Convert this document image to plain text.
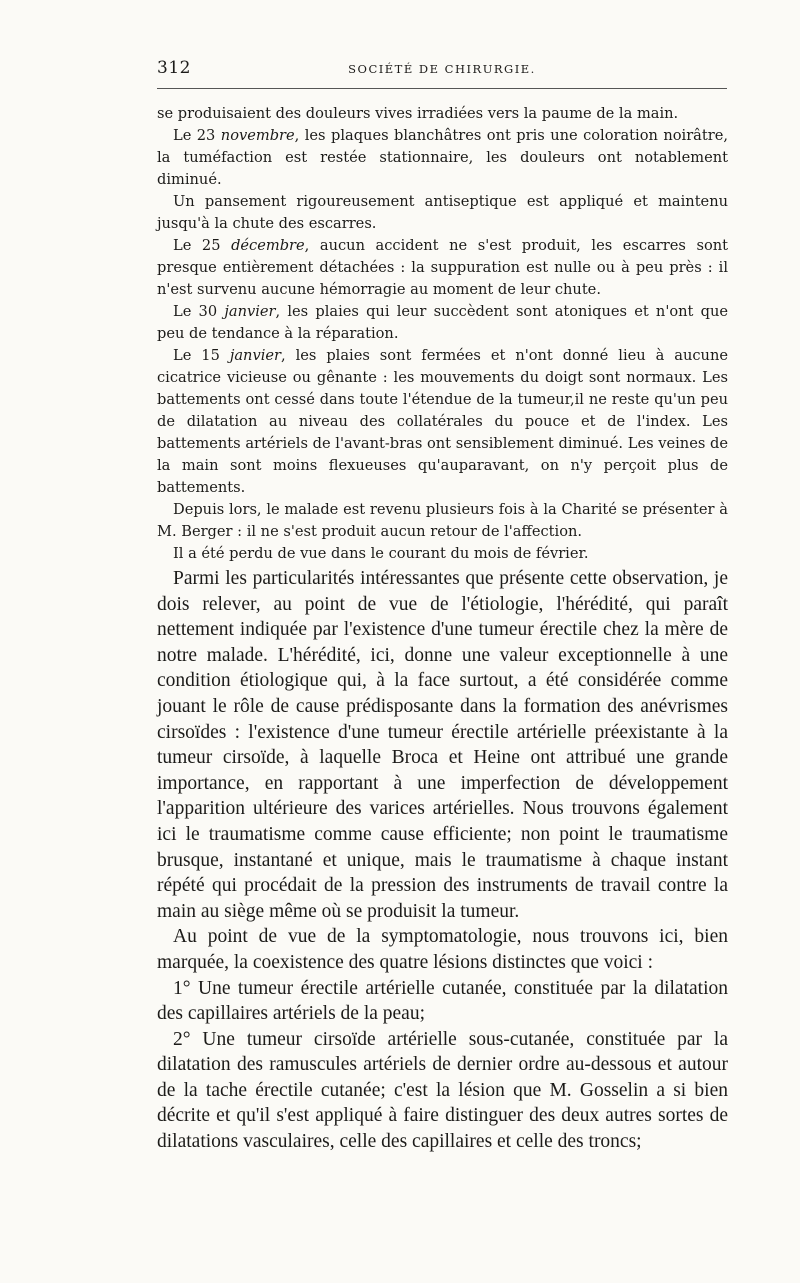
312	SOCIÉTÉ DE CHIRURGIE.

se produisaient des douleurs vives irradiées vers la paume de la main.

Le 23 novembre, les plaques blanchâtres ont pris une coloration noirâtre, la tuméfaction est restée stationnaire, les douleurs ont notablement diminué.

Un pansement rigoureusement antiseptique est appliqué et maintenu jusqu'à la chute des escarres.

Le 25 décembre, aucun accident ne s'est produit, les escarres sont presque entièrement détachées : la suppuration est nulle ou à peu près : il n'est survenu aucune hémorragie au moment de leur chute.

Le 30 janvier, les plaies qui leur succèdent sont atoniques et n'ont que peu de tendance à la réparation.

Le 15 janvier, les plaies sont fermées et n'ont donné lieu à aucune cicatrice vicieuse ou gênante : les mouvements du doigt sont normaux. Les battements ont cessé dans toute l'étendue de la tumeur,il ne reste qu'un peu de dilatation au niveau des collatérales du pouce et de l'index. Les battements artériels de l'avant-bras ont sensiblement diminué. Les veines de la main sont moins flexueuses qu'auparavant, on n'y perçoit plus de battements.

Depuis lors, le malade est revenu plusieurs fois à la Charité se présenter à M. Berger : il ne s'est produit aucun retour de l'affection.

Il a été perdu de vue dans le courant du mois de février.

Parmi les particularités intéressantes que présente cette observation, je dois relever, au point de vue de l'étiologie, l'hérédité, qui paraît nettement indiquée par l'existence d'une tumeur érectile chez la mère de notre malade. L'hérédité, ici, donne une valeur exceptionnelle à une condition étiologique qui, à la face surtout, a été considérée comme jouant le rôle de cause prédisposante dans la formation des anévrismes cirsoïdes : l'existence d'une tumeur érectile artérielle préexistante à la tumeur cirsoïde, à laquelle Broca et Heine ont attribué une grande importance, en rapportant à une imperfection de développement l'apparition ultérieure des varices artérielles. Nous trouvons également ici le traumatisme comme cause efficiente; non point le traumatisme brusque, instantané et unique, mais le traumatisme à chaque instant répété qui procédait de la pression des instruments de travail contre la main au siège même où se produisit la tumeur.

Au point de vue de la symptomatologie, nous trouvons ici, bien marquée, la coexistence des quatre lésions distinctes que voici :

1° Une tumeur érectile artérielle cutanée, constituée par la dilatation des capillaires artériels de la peau;

2° Une tumeur cirsoïde artérielle sous-cutanée, constituée par la dilatation des ramuscules artériels de dernier ordre au-dessous et autour de la tache érectile cutanée; c'est la lésion que M. Gosselin a si bien décrite et qu'il s'est appliqué à faire distinguer des deux autres sortes de dilatations vasculaires, celle des capillaires et celle des troncs;
